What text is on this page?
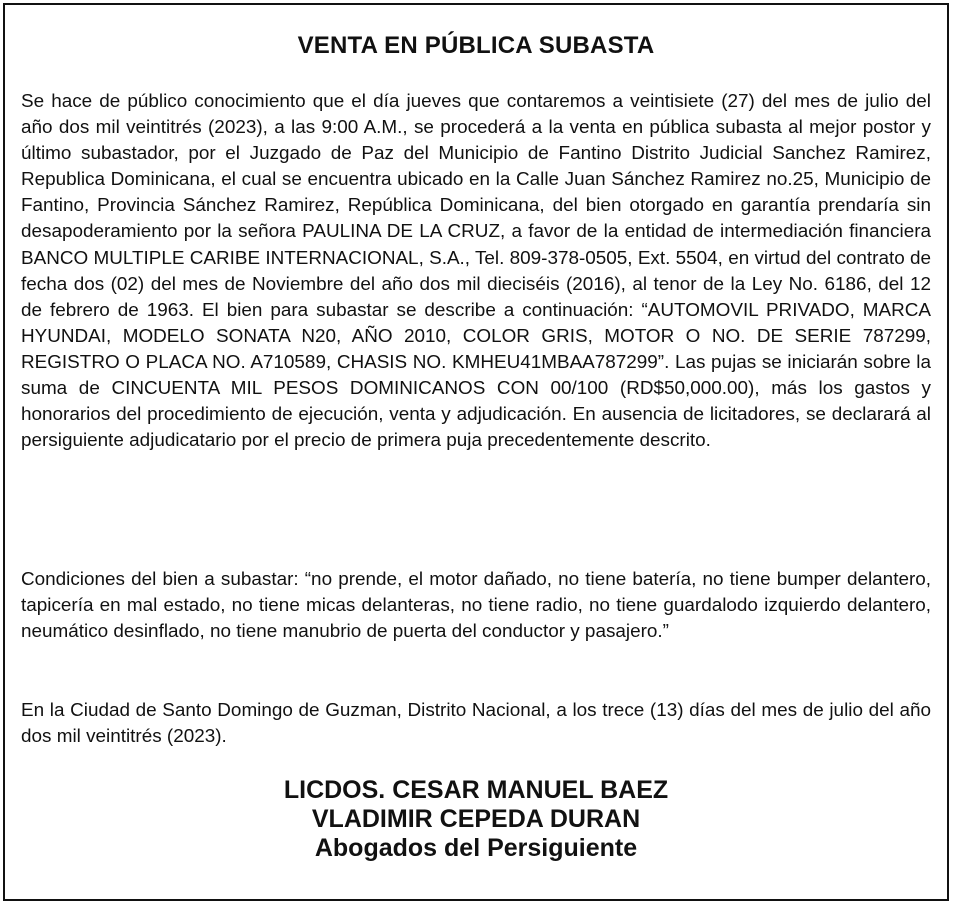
VENTA EN PÚBLICA SUBASTA

Se hace de público conocimiento que el día jueves que contaremos a veintisiete (27) del mes de julio del año dos mil veintitrés (2023), a las 9:00 A.M., se procederá a la venta en pública subasta al mejor postor y último subastador, por el Juzgado de Paz del Municipio de Fantino Distrito Judicial Sanchez Ramirez, Republica Dominicana, el cual se encuentra ubicado en la Calle Juan Sánchez Ramirez no.25, Municipio de Fantino, Provincia Sánchez Ramirez, República Dominicana, del bien otorgado en garantía prendaría sin desapoderamiento por la señora PAULINA DE LA CRUZ, a favor de la entidad de intermediación financiera BANCO MULTIPLE CARIBE INTERNACIONAL, S.A., Tel. 809-378-0505, Ext. 5504, en virtud del contrato de fecha dos (02) del mes de Noviembre del año dos mil dieciséis (2016), al tenor de la Ley No. 6186, del 12 de febrero de 1963. El bien para subastar se describe a continuación: “AUTOMOVIL PRIVADO, MARCA HYUNDAI, MODELO SONATA N20, AÑO 2010, COLOR GRIS, MOTOR O NO. DE SERIE 787299, REGISTRO O PLACA NO. A710589, CHASIS NO. KMHEU41MBAA787299”. Las pujas se iniciarán sobre la suma de CINCUENTA MIL PESOS DOMINICANOS CON 00/100 (RD$50,000.00), más los gastos y honorarios del procedimiento de ejecución, venta y adjudicación. En ausencia de licitadores, se declarará al persiguiente adjudicatario por el precio de primera puja precedentemente descrito.

Condiciones del bien a subastar: “no prende, el motor dañado, no tiene batería, no tiene bumper delantero, tapicería en mal estado, no tiene micas delanteras, no tiene radio, no tiene guardalodo izquierdo delantero, neumático desinflado, no tiene manubrio de puerta del conductor y pasajero.”

En la Ciudad de Santo Domingo de Guzman, Distrito Nacional, a los trece (13) días del mes de julio del año dos mil veintitrés (2023).

LICDOS. CESAR MANUEL BAEZ
VLADIMIR CEPEDA DURAN
Abogados del Persiguiente
